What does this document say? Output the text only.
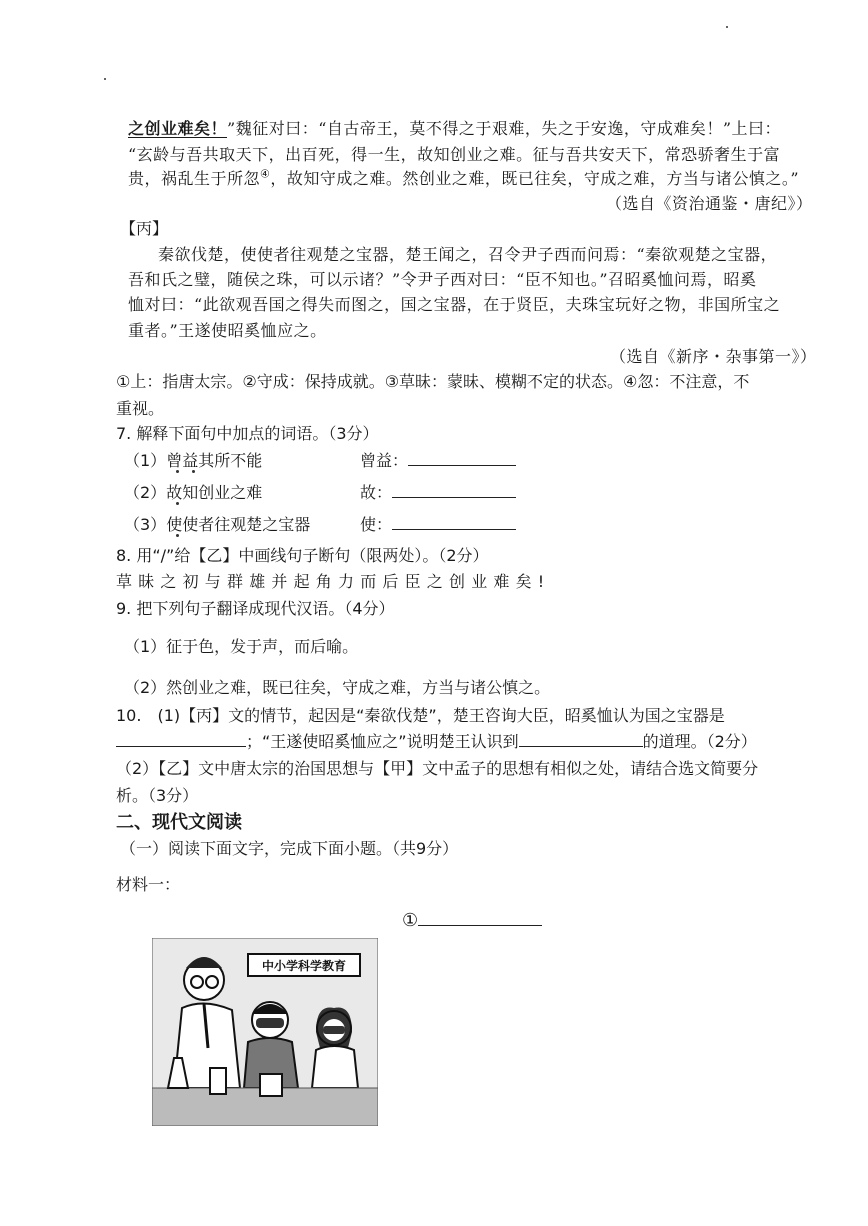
之创业难矣！”魏征对曰：“自古帝王，莫不得之于艰难，失之于安逸，守成难矣！”上曰：
“玄龄与吾共取天下，出百死，得一生，故知创业之难。征与吾共安天下，常恐骄奢生于富
贵，祸乱生于所忽④，故知守成之难。然创业之难，既已往矣，守成之难，方当与诸公慎之。”
（选自《资治通鉴・唐纪》）
【丙】
秦欲伐楚，使使者往观楚之宝器，楚王闻之，召令尹子西而问焉：“秦欲观楚之宝器，
吾和氏之璧，随侯之珠，可以示诸？”令尹子西对曰：“臣不知也。”召昭奚恤问焉，昭奚
恤对曰：“此欲观吾国之得失而图之，国之宝器，在于贤臣，夫珠宝玩好之物，非国所宝之
重者。”王遂使昭奚恤应之。
（选自《新序・杂事第一》）
①上：指唐太宗。②守成：保持成就。③草昧：蒙昧、模糊不定的状态。④忽：不注意，不
重视。
7. 解释下面句中加点的词语。（3分）
（1）曾益其所不能	曾益：
（2）故知创业之难	故：
（3）使使者往观楚之宝器	使：
8. 用“/”给【乙】中画线句子断句（限两处）。（2分）
草昧之初与群雄并起角力而后臣之创业难矣!
9. 把下列句子翻译成现代汉语。（4分）
（1）征于色，发于声，而后喻。
（2）然创业之难，既已往矣，守成之难，方当与诸公慎之。
10.　(1)【丙】文的情节，起因是“秦欲伐楚”，楚王咨询大臣，昭奚恤认为国之宝器是
；“王遂使昭奚恤应之”说明楚王认识到	的道理。（2分）
（2）【乙】文中唐太宗的治国思想与【甲】文中孟子的思想有相似之处，请结合选文简要分
析。（3分）
二、现代文阅读
（一）阅读下面文字，完成下面小题。（共9分）
材料一：
①
中小学科学教育
